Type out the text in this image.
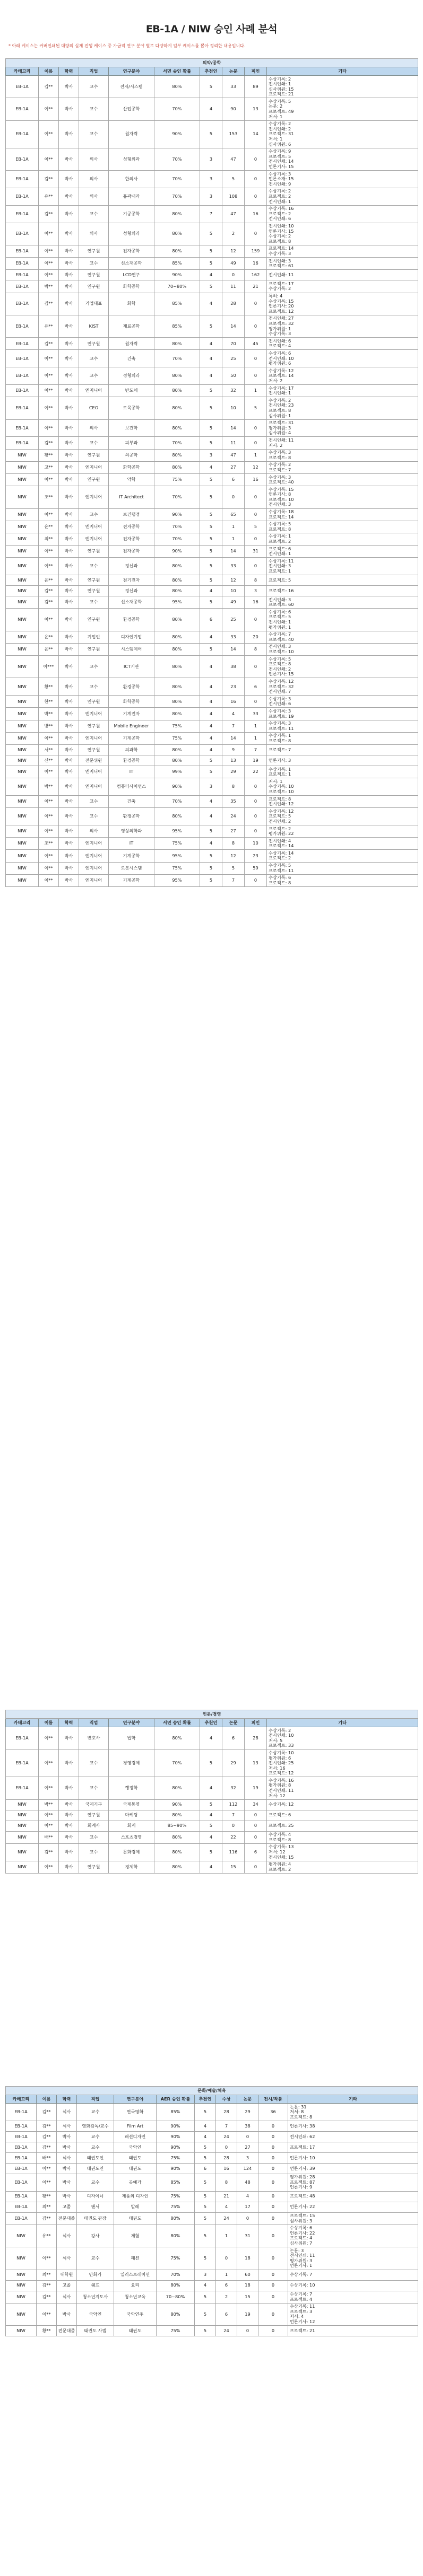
EB-1A / NIW 승인 사례 분석
* 아래 케이스는 커버인쇄된 대량의 실제 진행 케이스 중 가급적 연구 분야 별로 다양하게 일부 케이스를 뽑아 정리한 내용입니다.
의약/공학									
카테고리	이름	학력	직업	연구분야	서면 승인 확률	추천인	논문	피인	기타
EB-1A	김**	박사	교수	전자/시스템	80%	5	33	89	수상기록: 2
전시인쇄: 1
심사위원: 15
프로젝트: 21
EB-1A	이**	박사	교수	산업공학	70%	4	90	13	수상기록: 5
논문: 2
프로젝트: 49
저서: 1
EB-1A	이**	박사	교수	원자력	90%	5	153	14	수상기록: 2
전시인쇄: 2
프로젝트: 31
저서: 1
심사위원: 6
EB-1A	이**	박사	의사	성형외과	70%	3	47	0	수상기록: 9
프로젝트: 5
전시인쇄: 14
언론기사: 15
EB-1A	김**	박사	의사	한의사	70%	3	5	0	수상기록: 3
언론소개: 15
전시인쇄: 9
EB-1A	유**	박사	의사	흉곽내과	70%	3	108	0	수상기록: 2
프로젝트: 2
전시인쇄: 1
EB-1A	김**	박사	교수	기공공학	80%	7	47	16	수상기록: 16
프로젝트: 2
전시인쇄: 6
EB-1A	이**	박사	의사	성형외과	80%	5	2	0	전시인쇄: 10
언론기사: 15
수상기록: 2
프로젝트: 8
EB-1A	이**	박사	연구원	전자공학	80%	5	12	159	프로젝트: 14
수상기록: 3
EB-1A	이**	박사	교수	신소재공학	85%	5	49	16	전시인쇄: 3
프로젝트: 61
EB-1A	이**	박사	연구원	LCD연구	90%	4	0	162	전시인쇄: 11
EB-1A	박**	박사	연구원	화학공학	70~80%	5	11	21	프로젝트: 17
수상기록: 2
EB-1A	김**	박사	기업대표	화학	85%	4	28	0	특허: 4
수상기록: 15
언론기사: 20
프로젝트: 12
EB-1A	유**	박사	KIST	재료공학	85%	5	14	0	전시인쇄: 27
프로젝트: 32
평가위원: 1
수상기록: 3
EB-1A	김**	박사	연구원	원자력	80%	4	70	45	전시인쇄: 6
프로젝트: 4
EB-1A	이**	박사	교수	건축	70%	4	25	0	수상기록: 6
전시인쇄: 10
평가위원: 6
EB-1A	이**	박사	교수	정형외과	80%	4	50	0	수상기록: 12
프로젝트: 14
저서: 2
EB-1A	이**	박사	엔지니어	반도체	80%	5	32	1	수상기록: 17
전시인쇄: 1
EB-1A	이**	박사	CEO	토목공학	80%	5	10	5	수상기록: 2
전시인쇄: 23
프로젝트: 8
심사위원: 1
EB-1A	이**	박사	의사	보건학	80%	5	14	0	프로젝트: 31
평가위원: 3
심사위원: 4
EB-1A	김**	박사	교수	피부과	70%	5	11	0	전시인쇄: 11
저서: 2
NIW	황**	박사	연구원	의공학	80%	3	47	1	수상기록: 3
프로젝트: 8
NIW	고**	박사	엔지니어	화학공학	80%	4	27	12	수상기록: 2
프로젝트: 7
NIW	이**	박사	연구원	약학	75%	5	6	16	수상기록: 3
프로젝트: 40
NIW	조**	박사	엔지니어	IT Architect	70%	5	0	0	수상기록: 15
언론기사: 8
프로젝트: 10
전시인쇄: 3
NIW	이**	박사	교수	보건행정	90%	5	65	0	수상기록: 18
프로젝트: 14
NIW	윤**	박사	엔지니어	전자공학	70%	5	1	5	수상기록: 5
프로젝트: 8
NIW	최**	박사	엔지니어	전자공학	70%	5	1	0	수상기록: 1
프로젝트: 2
NIW	이**	박사	연구원	전자공학	90%	5	14	31	프로젝트: 6
전시인쇄: 1
NIW	이**	박사	교수	정신과	80%	5	33	0	수상기록: 11
전시인쇄: 3
프로젝트: 1
NIW	윤**	박사	연구원	전기전자	80%	5	12	8	프로젝트: 5
NIW	김**	박사	연구원	정신과	80%	4	10	3	프로젝트: 16
NIW	김**	박사	교수	신소재공학	95%	5	49	16	전시인쇄: 3
프로젝트: 60
NIW	이**	박사	연구원	환경공학	80%	6	25	0	수상기록: 6
프로젝트: 5
전시인쇄: 1
평가위원: 1
NIW	윤**	박사	기업인	디자인기업	80%	4	33	20	수상기록: 7
프로젝트: 40
NIW	윤**	박사	연구원	시스템제어	80%	5	14	8	전시인쇄: 3
프로젝트: 10
NIW	이***	박사	교수	ICT기관	80%	4	38	0	수상기록: 5
프로젝트: 8
전시인쇄: 2
언론기사: 15
NIW	황**	박사	교수	환경공학	80%	4	23	6	수상기록: 12
프로젝트: 32
전시인쇄: 7
NIW	한**	박사	연구원	화학공학	80%	4	16	0	수상기록: 3
전시인쇄: 6
NIW	박**	박사	엔지니어	기계전자	80%	4	4	33	수상기록: 3
프로젝트: 19
NIW	방**	박사	연구원	Mobile Engineer	75%	4	7	1	수상기록: 3
프로젝트: 11
NIW	이**	박사	엔지니어	기계공학	75%	4	14	1	수상기록: 1
프로젝트: 8
NIW	서**	박사	연구원	의과학	80%	4	9	7	프로젝트: 7
NIW	신**	박사	전문위원	환경공학	80%	5	13	19	언론기사: 3
NIW	이**	박사	엔지니어	IT	99%	5	29	22	수상기록: 1
프로젝트: 1
NIW	박**	박사	엔지니어	컴퓨터사이언스	90%	3	8	0	저서: 1
수상기록: 10
프로젝트: 10
NIW	이**	박사	교수	건축	70%	4	35	0	프로젝트: 8
전시인쇄: 12
NIW	이**	박사	교수	환경공학	80%	4	24	0	수상기록: 12
프로젝트: 5
전시인쇄: 2
NIW	이**	박사	의사	영상의학과	95%	5	27	0	프로젝트: 2
평가위원: 22
NIW	조**	박사	엔지니어	IT	75%	4	8	10	전시인쇄: 4
프로젝트: 14
NIW	이**	박사	엔지니어	기계공학	95%	5	12	23	수상기록: 14
프로젝트: 2
NIW	이**	박사	엔지니어	로봇시스템	75%	5	5	59	수상기록: 5
프로젝트: 11
NIW	이**	박사	엔지니어	기계공학	95%	5	7	0	수상기록: 6
프로젝트: 8
인문/경영									
카테고리	이름	학력	직업	연구분야	서면 승인 확률	추천인	논문	피인	기타
EB-1A	이**	박사	변호사	법학	80%	4	6	28	수상기록: 2
전시인쇄: 10
저서: 5
프로젝트: 33
EB-1A	이**	박사	교수	경영경제	70%	5	29	13	수상기록: 10
평가위원: 6
전시인쇄: 25
저서: 16
프로젝트: 12
EB-1A	이**	박사	교수	행정학	80%	4	32	19	수상기록: 16
평가위원: 8
전시인쇄: 11
저서: 12
NIW	박**	박사	국제기구	국제통영	90%	5	112	34	수상기록: 12
NIW	이**	박사	연구원	마케팅	80%	4	7	0	프로젝트: 6
NIW	이**	박사	회계사	회계	85~90%	5	0	0	프로젝트: 25
NIW	배**	박사	교수	스포츠경영	80%	4	22	0	수상기록: 4
프로젝트: 8
NIW	김**	박사	교수	문화경제	80%	5	116	6	수상기록: 13
저서: 12
전시인쇄: 15
NIW	이**	박사	연구원	경제학	80%	4	15	0	평가위원: 4
프로젝트: 2
문화/예술/체육										
카테고리	이름	학력	직업	연구분야	AER 승인 확률	추천인	수상	논문	전시/작품	기타
EB-1A	김**	석사	교수	연극영화	85%	5	28	29	36	논문: 31
저서: 8
프로젝트: 8
EB-1A	김**	석사	영화감독/교수	Film Art	90%	4	7	38	0	언론기사: 38
EB-1A	김**	박사	교수	패션디자인	90%	4	24	0	0	전시인쇄: 62
EB-1A	김**	박사	교수	국악인	90%	5	0	27	0	프로젝트: 17
EB-1A	배**	석사	태권도인	태권도	75%	5	28	3	0	언론기사: 10
EB-1A	이**	박사	태권도인	태권도	90%	6	16	124	0	언론기사: 39
EB-1A	이**	박사	교수	공예가	85%	5	8	48	0	평가위원: 28
프로젝트: 87
언론기사: 9
EB-1A	황**	박사	디자이너	제품외 디자인	75%	5	21	4	0	프로젝트: 48
EB-1A	최**	고졸	댄서	발레	75%	5	4	17	0	언론기사: 22
EB-1A	김**	전문대졸	태권도 관장	태권도	80%	5	24	0	0	프로젝트: 15
심사위원: 3
NIW	유**	석사	강사	체험	80%	5	1	31	0	수상기록: 6
언론기사: 22
프로젝트: 4
심사위원: 7
NIW	이**	석사	교수	패션	75%	5	0	18	0	논문: 3
전시인쇄: 11
평가위원: 3
언론기사: 1
NIW	최**	대학원	만화가	일러스트레이션	70%	3	1	60	0	수상기록: 7
NIW	김**	고졸	쉐프	요리	80%	4	6	18	0	수상기록: 10
NIW	김**	석사	청소년지도사	청소년교육	70~80%	5	2	15	0	수상기록: 7
프로젝트: 4
NIW	이**	박사	국악인	국악연주	80%	5	6	19	0	수상기록: 11
프로젝트: 3
저서: 4
언론기사: 12
NIW	황**	전문대졸	태권도 사범	태권도	75%	5	24	0	0	프로젝트: 21
